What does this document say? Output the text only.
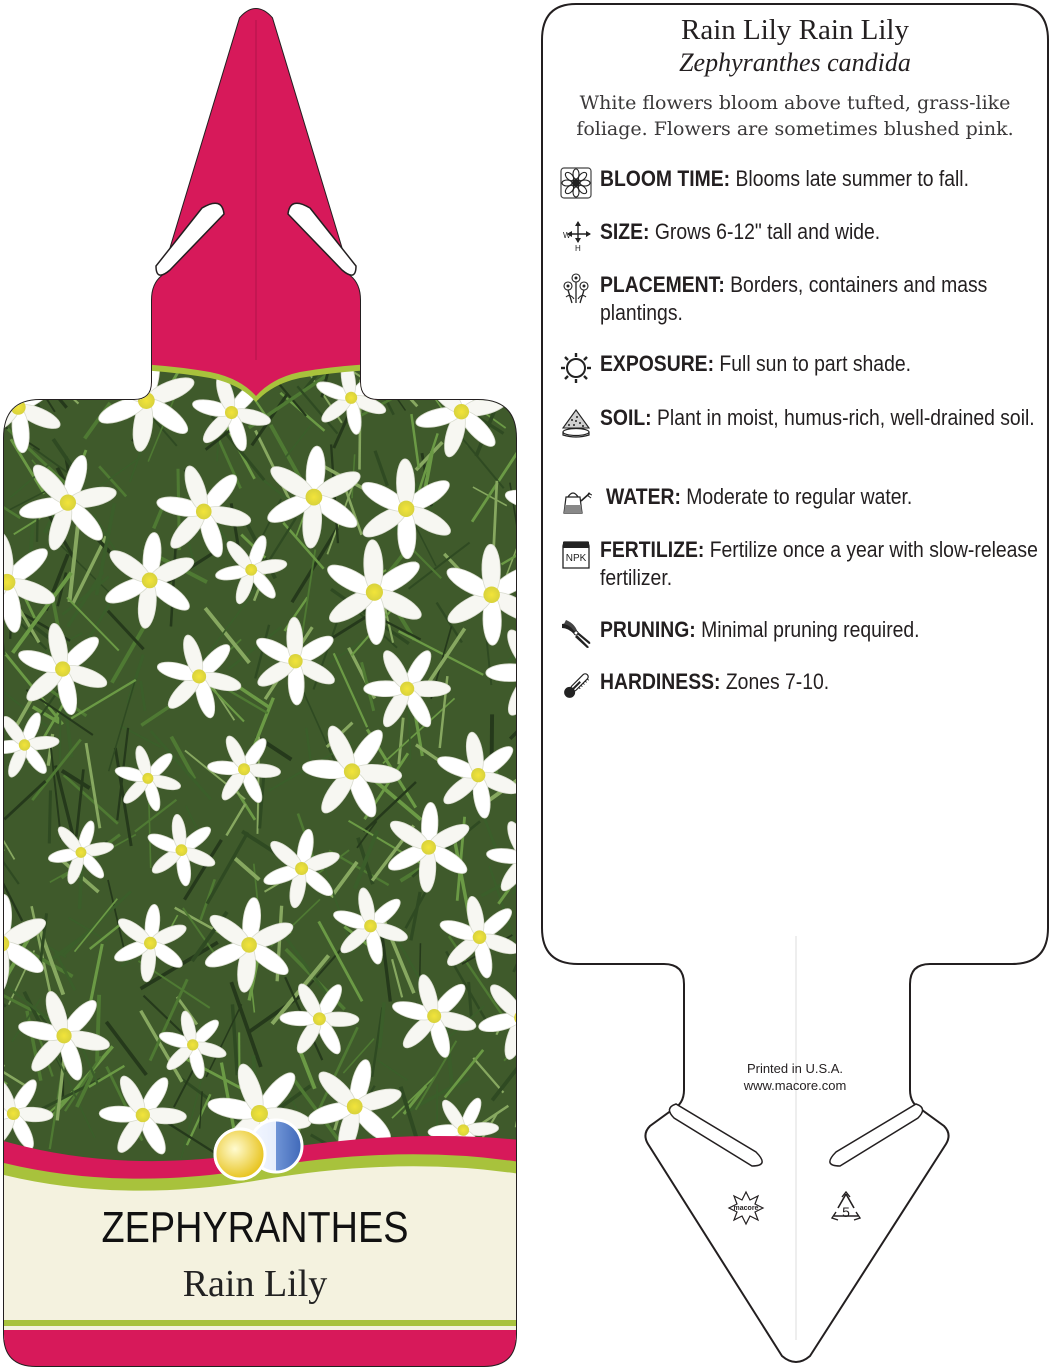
ZEPHYRANTHES
Rain Lily
macore	5
Rain Lily Rain Lily
Zephyranthes candida
White flowers bloom above tufted, grass-like foliage. Flowers are sometimes blushed pink.
BLOOM TIME: Blooms late summer to fall.
W
H
SIZE: Grows 6-12" tall and wide.
PLACEMENT: Borders, containers and mass plantings.
EXPOSURE: Full sun to part shade.
SOIL: Plant in moist, humus-rich, well-drained soil.
WATER: Moderate to regular water.
NPK FERTILIZE: Fertilize once a year with slow-release fertilizer.
PRUNING: Minimal pruning required.
HARDINESS: Zones 7-10.
Printed in U.S.A.
www.macore.com
